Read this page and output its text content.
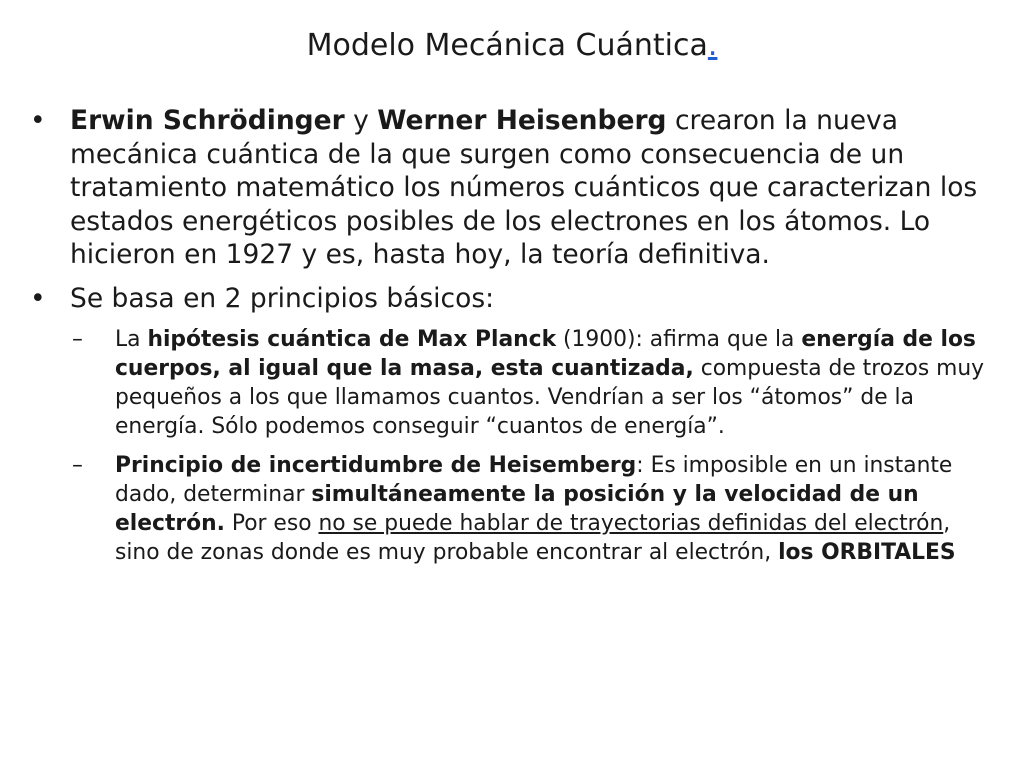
Modelo Mecánica Cuántica.
• Erwin Schrödinger y Werner Heisenberg crearon la nueva mecánica cuántica de la que surgen como consecuencia de un tratamiento matemático los números cuánticos que caracterizan los estados energéticos posibles de los electrones en los átomos. Lo hicieron en 1927 y es, hasta hoy, la teoría definitiva.
• Se basa en 2 principios básicos:
– La hipótesis cuántica de Max Planck (1900): afirma que la energía de los cuerpos, al igual que la masa, esta cuantizada, compuesta de trozos muy pequeños a los que llamamos cuantos. Vendrían a ser los “átomos” de la energía. Sólo podemos conseguir “cuantos de energía”.
– Principio de incertidumbre de Heisemberg: Es imposible en un instante dado, determinar simultáneamente la posición y la velocidad de un electrón. Por eso no se puede hablar de trayectorias definidas del electrón, sino de zonas donde es muy probable encontrar al electrón, los ORBITALES
